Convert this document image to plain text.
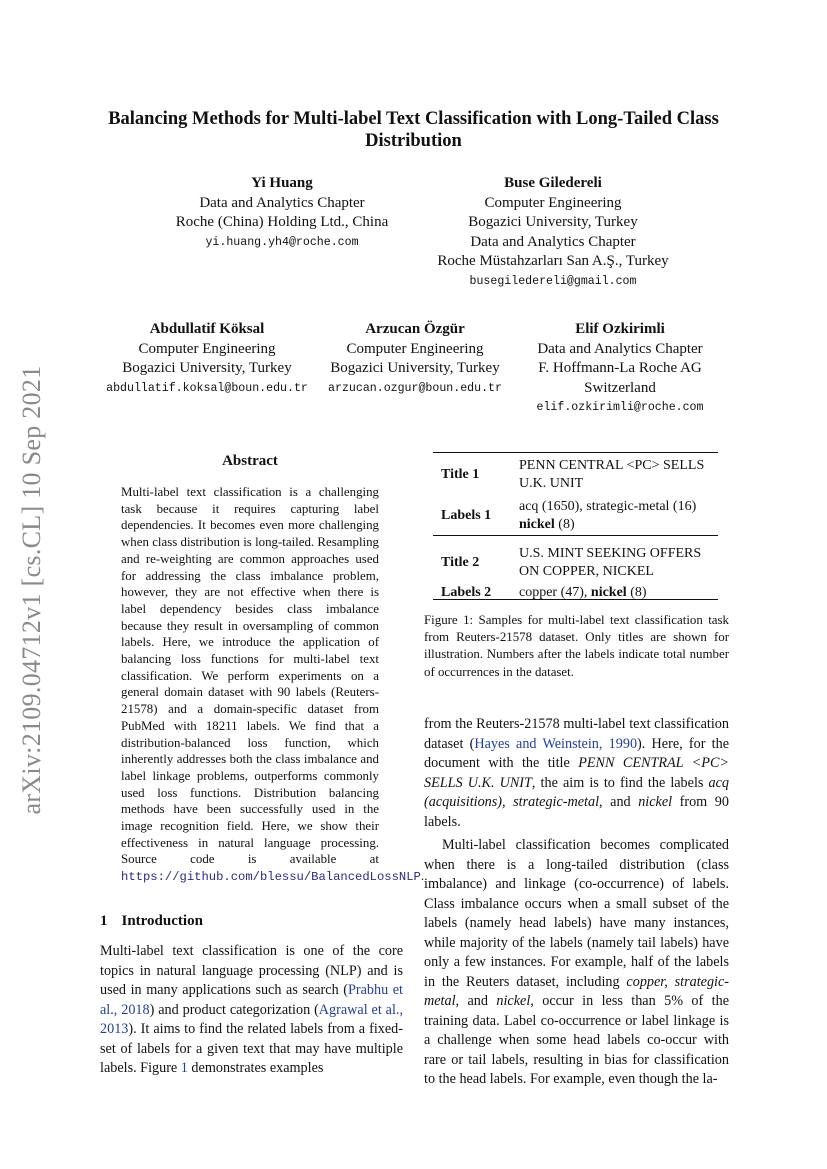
arXiv:2109.04712v1 [cs.CL] 10 Sep 2021
Balancing Methods for Multi-label Text Classification with Long-Tailed Class Distribution
Yi Huang
Data and Analytics Chapter
Roche (China) Holding Ltd., China
yi.huang.yh4@roche.com
Buse Giledereli
Computer Engineering
Bogazici University, Turkey
Data and Analytics Chapter
Roche Müstahzarları San A.Ş., Turkey
busegiledereli@gmail.com
Abdullatif Köksal
Computer Engineering
Bogazici University, Turkey
abdullatif.koksal@boun.edu.tr
Arzucan Özgür
Computer Engineering
Bogazici University, Turkey
arzucan.ozgur@boun.edu.tr
Elif Ozkirimli
Data and Analytics Chapter
F. Hoffmann-La Roche AG
Switzerland
elif.ozkirimli@roche.com
Abstract
Multi-label text classification is a challenging task because it requires capturing label dependencies. It becomes even more challenging when class distribution is long-tailed. Resampling and re-weighting are common approaches used for addressing the class imbalance problem, however, they are not effective when there is label dependency besides class imbalance because they result in oversampling of common labels. Here, we introduce the application of balancing loss functions for multi-label text classification. We perform experiments on a general domain dataset with 90 labels (Reuters-21578) and a domain-specific dataset from PubMed with 18211 labels. We find that a distribution-balanced loss function, which inherently addresses both the class imbalance and label linkage problems, outperforms commonly used loss functions. Distribution balancing methods have been successfully used in the image recognition field. Here, we show their effectiveness in natural language processing. Source code is available at https://github.com/blessu/BalancedLossNLP.
1 Introduction
Multi-label text classification is one of the core topics in natural language processing (NLP) and is used in many applications such as search (Prabhu et al., 2018) and product categorization (Agrawal et al., 2013). It aims to find the related labels from a fixed-set of labels for a given text that may have multiple labels. Figure 1 demonstrates examples
Title 1	PENN CENTRAL <PC> SELLS U.K. UNIT
Labels 1	acq (1650), strategic-metal (16)
nickel (8)
Title 2	U.S. MINT SEEKING OFFERS ON COPPER, NICKEL
Labels 2	copper (47), nickel (8)
Figure 1: Samples for multi-label text classification task from Reuters-21578 dataset. Only titles are shown for illustration. Numbers after the labels indicate total number of occurrences in the dataset.

from the Reuters-21578 multi-label text classification dataset (Hayes and Weinstein, 1990). Here, for the document with the title PENN CENTRAL <PC> SELLS U.K. UNIT, the aim is to find the labels acq (acquisitions), strategic-metal, and nickel from 90 labels.

Multi-label classification becomes complicated when there is a long-tailed distribution (class imbalance) and linkage (co-occurrence) of labels. Class imbalance occurs when a small subset of the labels (namely head labels) have many instances, while majority of the labels (namely tail labels) have only a few instances. For example, half of the labels in the Reuters dataset, including copper, strategic-metal, and nickel, occur in less than 5% of the training data. Label co-occurrence or label linkage is a challenge when some head labels co-occur with rare or tail labels, resulting in bias for classification to the head labels. For example, even though the la-
